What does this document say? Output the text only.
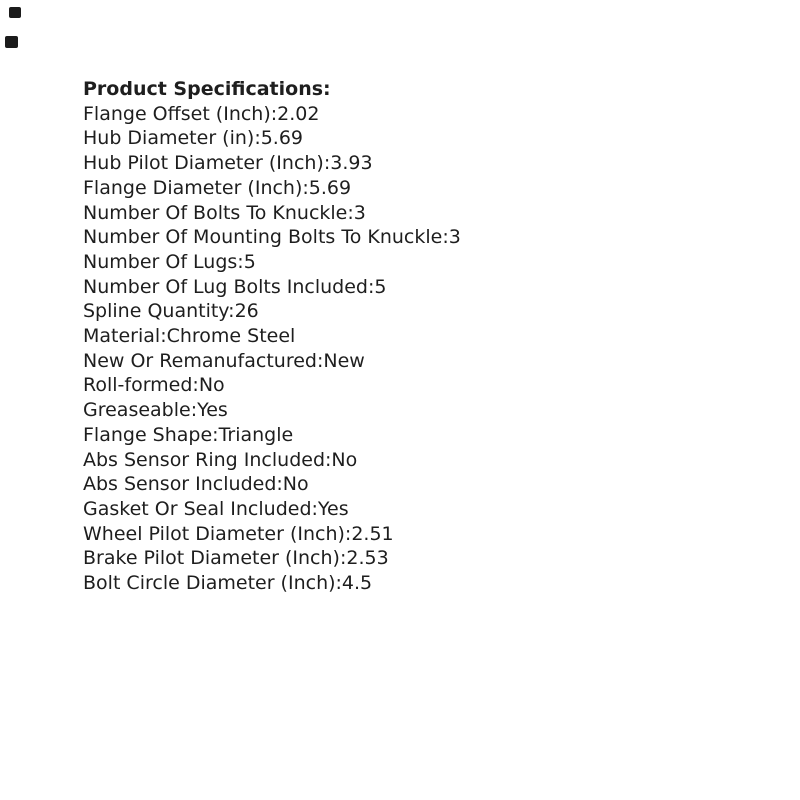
Product Specifications:
Flange Offset (Inch):2.02
Hub Diameter (in):5.69
Hub Pilot Diameter (Inch):3.93
Flange Diameter (Inch):5.69
Number Of Bolts To Knuckle:3
Number Of Mounting Bolts To Knuckle:3
Number Of Lugs:5
Number Of Lug Bolts Included:5
Spline Quantity:26
Material:Chrome Steel
New Or Remanufactured:New
Roll-formed:No
Greaseable:Yes
Flange Shape:Triangle
Abs Sensor Ring Included:No
Abs Sensor Included:No
Gasket Or Seal Included:Yes
Wheel Pilot Diameter (Inch):2.51
Brake Pilot Diameter (Inch):2.53
Bolt Circle Diameter (Inch):4.5
